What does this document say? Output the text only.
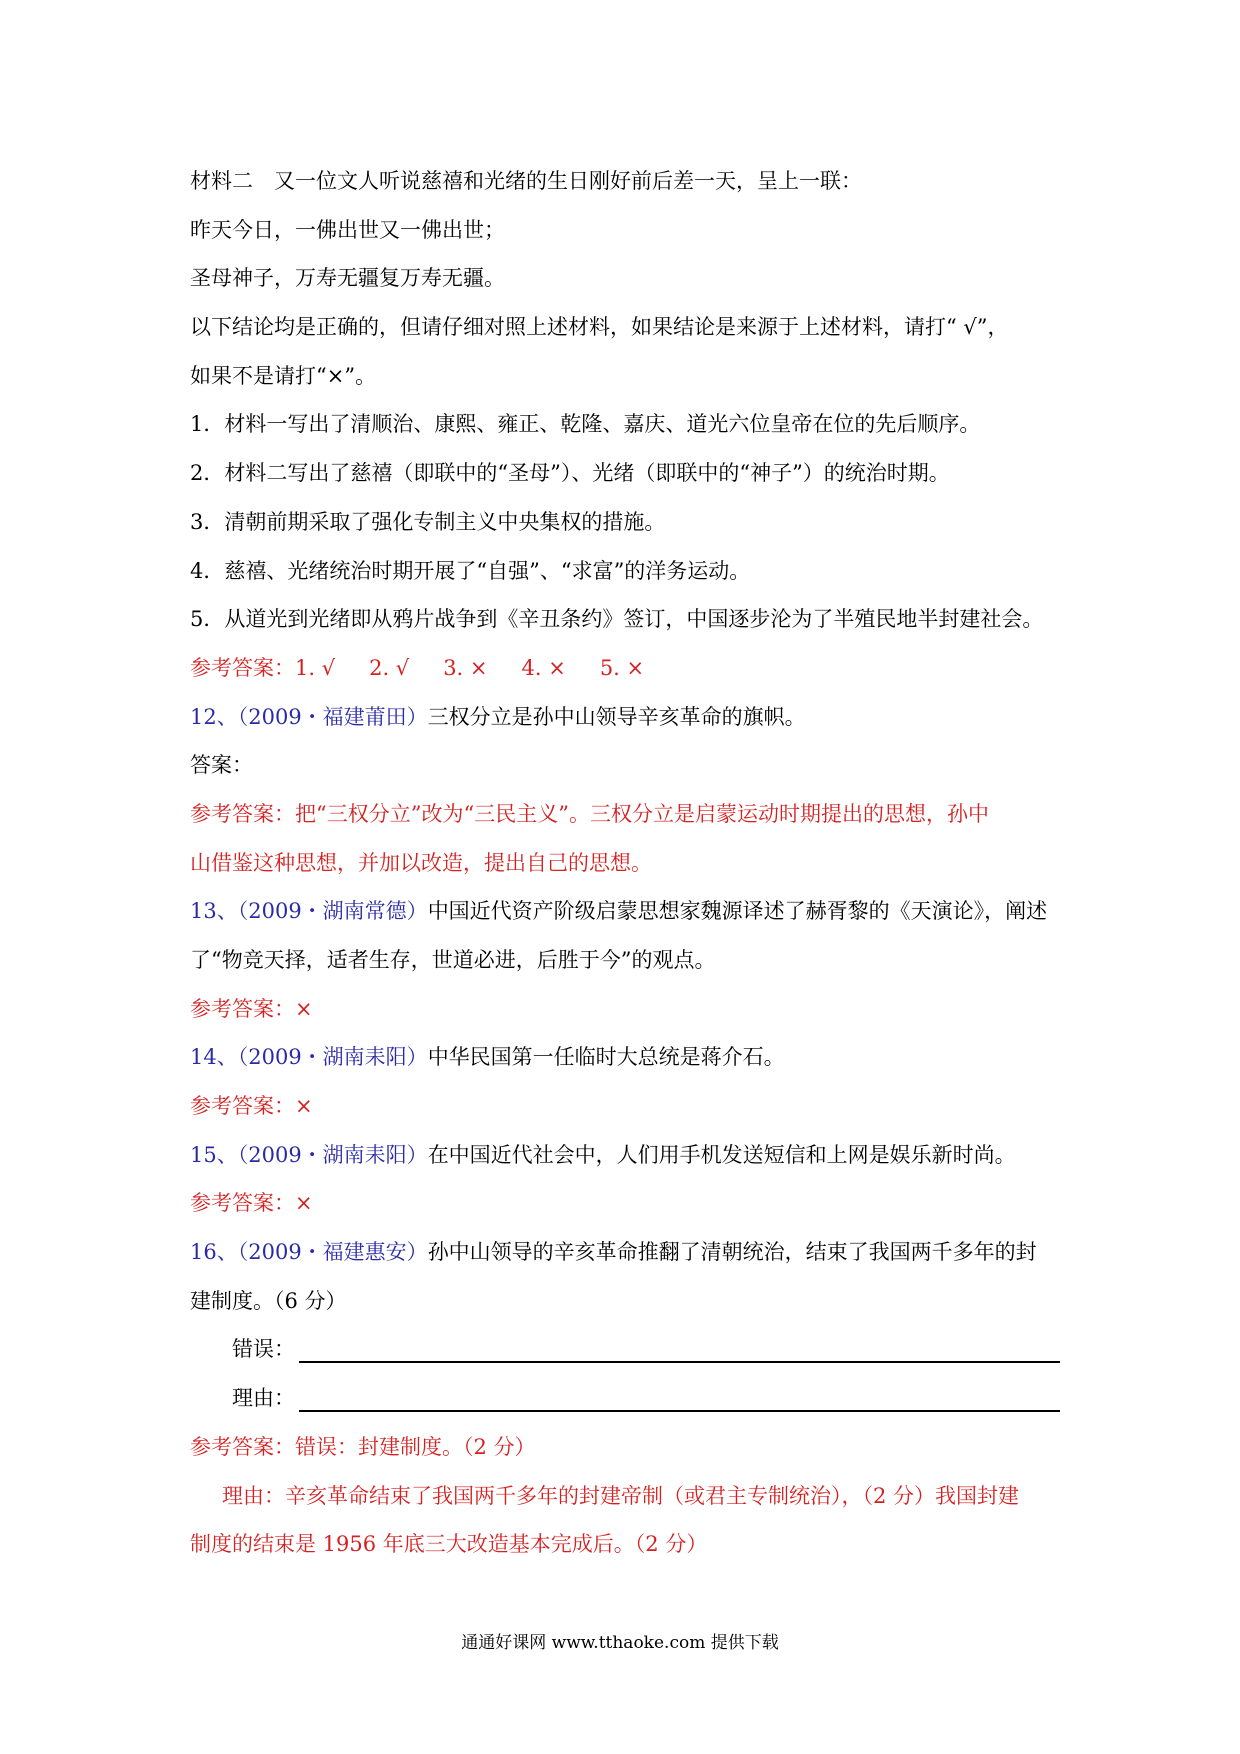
材料二　又一位文人听说慈禧和光绪的生日刚好前后差一天，呈上一联：
昨天今日，一佛出世又一佛出世；
圣母神子，万寿无疆复万寿无疆。
以下结论均是正确的，但请仔细对照上述材料，如果结论是来源于上述材料，请打“ √”，
如果不是请打“×”。
1．材料一写出了清顺治、康熙、雍正、乾隆、嘉庆、道光六位皇帝在位的先后顺序。
2．材料二写出了慈禧（即联中的“圣母”）、光绪（即联中的“神子”）的统治时期。
3．清朝前期采取了强化专制主义中央集权的措施。
4．慈禧、光绪统治时期开展了“自强”、“求富”的洋务运动。
5．从道光到光绪即从鸦片战争到《辛丑条约》签订，中国逐步沦为了半殖民地半封建社会。
参考答案：1. √ 2. √ 3. × 4. × 5. ×
12、（2009・福建莆田）三权分立是孙中山领导辛亥革命的旗帜。
答案：
参考答案：把“三权分立”改为“三民主义”。三权分立是启蒙运动时期提出的思想，孙中
山借鉴这种思想，并加以改造，提出自己的思想。
13、（2009・湖南常德）中国近代资产阶级启蒙思想家魏源译述了赫胥黎的《天演论》，阐述
了“物竞天择，适者生存，世道必进，后胜于今”的观点。
参考答案：×
14、（2009・湖南耒阳）中华民国第一任临时大总统是蒋介石。
参考答案：×
15、（2009・湖南耒阳）在中国近代社会中，人们用手机发送短信和上网是娱乐新时尚。
参考答案：×
16、（2009・福建惠安）孙中山领导的辛亥革命推翻了清朝统治，结束了我国两千多年的封
建制度。（6 分）
错误：
理由：
参考答案：错误：封建制度。（2 分）
理由：辛亥革命结束了我国两千多年的封建帝制（或君主专制统治），（2 分）我国封建
制度的结束是 1956 年底三大改造基本完成后。（2 分）
通通好课网 www.tthaoke.com 提供下载
